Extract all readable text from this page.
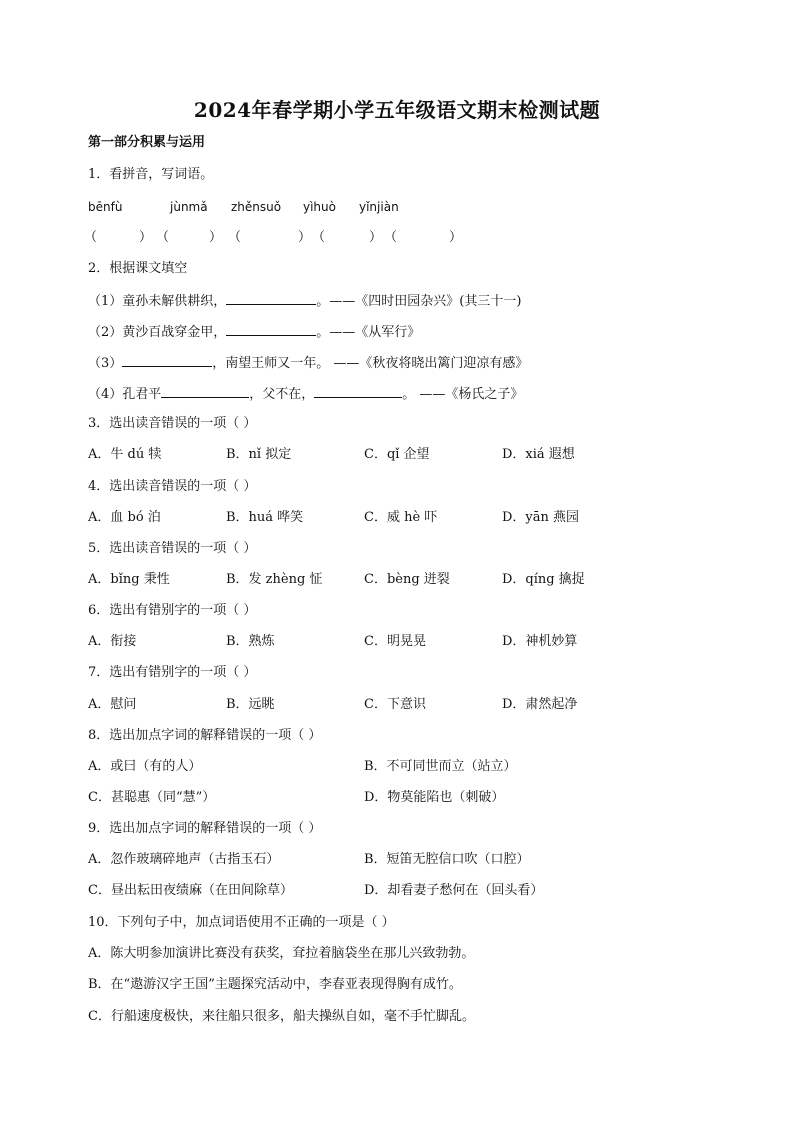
2024年春学期小学五年级语文期末检测试题
第一部分积累与运用
1．看拼音，写词语。
bēnfù	jùnmǎ zhěnsuǒ yìhuò yǐnjiàn
（	） （	） （	） （	） （	）
2．根据课文填空
（1）童孙未解供耕织，	。——《四时田园杂兴》(其三十一)
（2）黄沙百战穿金甲，	。——《从军行》
（3）	，南望王师又一年。 ——《秋夜将晓出篱门迎凉有感》
（4）孔君平	，父不在，	。 ——《杨氏之子》
3．选出读音错误的一项（ ）
A．牛 dú 犊	B．nǐ 拟定	C．qǐ 企望	D．xiá 遐想
4．选出读音错误的一项（ ）
A．血 bó 泊	B．huá 哗笑	C．威 hè 吓	D．yān 燕园
5．选出读音错误的一项（ ）
A．bǐng 秉性	B．发 zhèng 怔	C．bèng 迸裂	D．qíng 擒捉
6．选出有错别字的一项（ ）
A．衔接	B．熟炼	C．明晃晃	D．神机妙算
7．选出有错别字的一项（ ）
A．慰问	B．远眺	C．下意识	D．肃然起净
8．选出加点字词的解释错误的一项（ ）
A．或曰（有的人）	B．不可同世而立（站立）
C．甚聪惠（同“慧”）	D．物莫能陷也（刺破）
9．选出加点字词的解释错误的一项（ ）
A．忽作玻璃碎地声（古指玉石）	B．短笛无腔信口吹（口腔）
C．昼出耘田夜绩麻（在田间除草）	D．却看妻子愁何在（回头看）
10．下列句子中，加点词语使用不正确的一项是（ ）
A．陈大明参加演讲比赛没有获奖，耷拉着脑袋坐在那儿兴致勃勃。
B．在“遨游汉字王国”主题探究活动中，李春亚表现得胸有成竹。
C．行船速度极快，来往船只很多，船夫操纵自如，毫不手忙脚乱。
